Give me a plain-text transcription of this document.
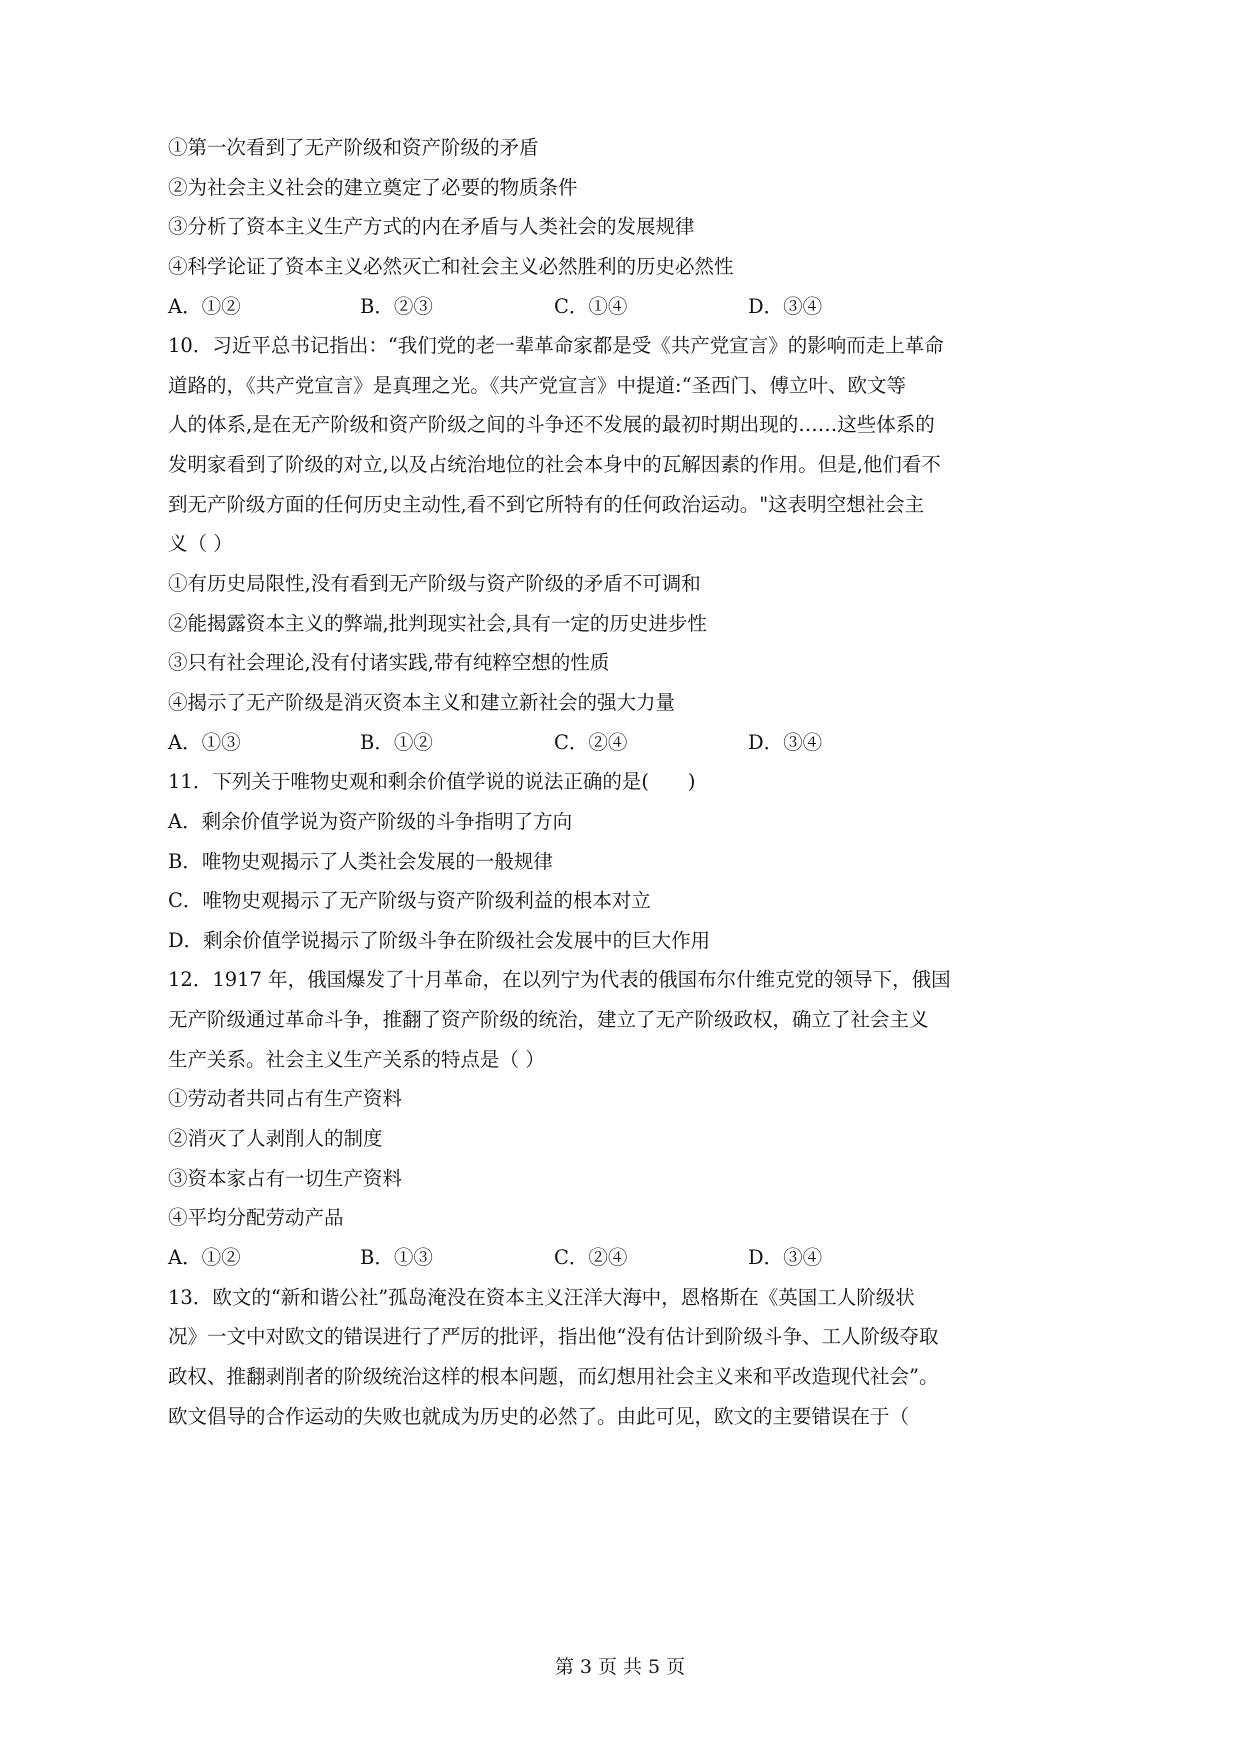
①第一次看到了无产阶级和资产阶级的矛盾
②为社会主义社会的建立奠定了必要的物质条件
③分析了资本主义生产方式的内在矛盾与人类社会的发展规律
④科学论证了资本主义必然灭亡和社会主义必然胜利的历史必然性
A．①②	B．②③	C．①④	D．③④
10．习近平总书记指出：“我们党的老一辈革命家都是受《共产党宣言》的影响而走上革命
道路的，《共产党宣言》是真理之光。《共产党宣言》中提道:“圣西门、傅立叶、欧文等
人的体系,是在无产阶级和资产阶级之间的斗争还不发展的最初时期出现的……这些体系的
发明家看到了阶级的对立,以及占统治地位的社会本身中的瓦解因素的作用。但是,他们看不
到无产阶级方面的任何历史主动性,看不到它所特有的任何政治运动。"这表明空想社会主
义（ ）
①有历史局限性,没有看到无产阶级与资产阶级的矛盾不可调和
②能揭露资本主义的弊端,批判现实社会,具有一定的历史进步性
③只有社会理论,没有付诸实践,带有纯粹空想的性质
④揭示了无产阶级是消灭资本主义和建立新社会的强大力量
A．①③	B．①②	C．②④	D．③④
11．下列关于唯物史观和剩余价值学说的说法正确的是(　　)
A．剩余价值学说为资产阶级的斗争指明了方向
B．唯物史观揭示了人类社会发展的一般规律
C．唯物史观揭示了无产阶级与资产阶级利益的根本对立
D．剩余价值学说揭示了阶级斗争在阶级社会发展中的巨大作用
12．1917 年，俄国爆发了十月革命，在以列宁为代表的俄国布尔什维克党的领导下，俄国
无产阶级通过革命斗争，推翻了资产阶级的统治，建立了无产阶级政权，确立了社会主义
生产关系。社会主义生产关系的特点是（ ）
①劳动者共同占有生产资料
②消灭了人剥削人的制度
③资本家占有一切生产资料
④平均分配劳动产品
A．①②	B．①③	C．②④	D．③④
13．欧文的“新和谐公社”孤岛淹没在资本主义汪洋大海中，恩格斯在《英国工人阶级状
况》一文中对欧文的错误进行了严厉的批评，指出他“没有估计到阶级斗争、工人阶级夺取
政权、推翻剥削者的阶级统治这样的根本问题，而幻想用社会主义来和平改造现代社会”。
欧文倡导的合作运动的失败也就成为历史的必然了。由此可见，欧文的主要错误在于（
第 3 页 共 5 页
